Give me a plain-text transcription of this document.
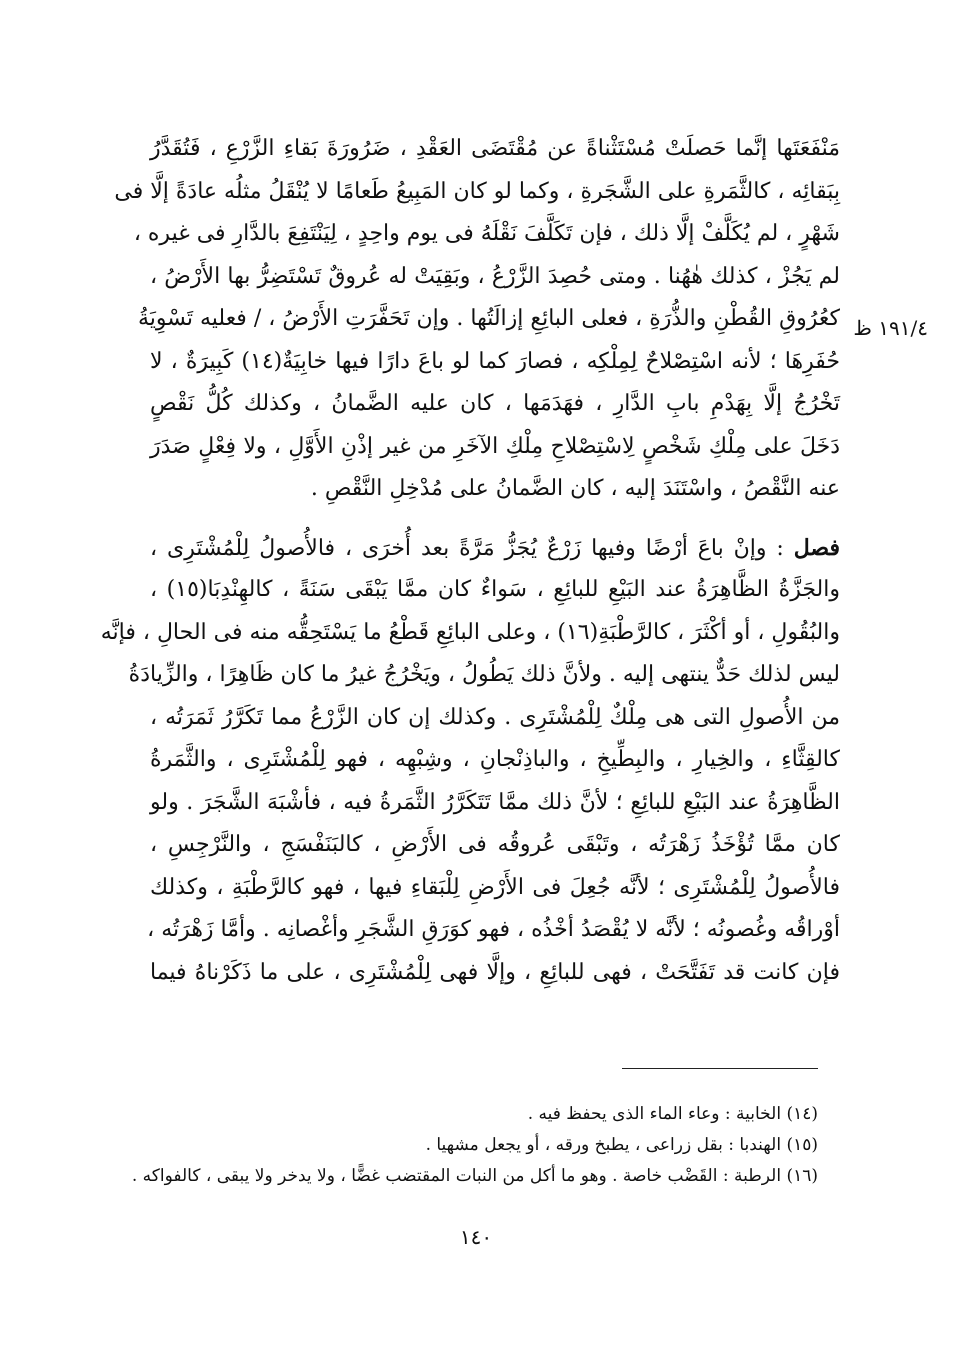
١٩١/٤ ظ
مَنْفَعَتَها إنَّما حَصلَتْ مُسْتَثْناةً عن مُقْتَضَى العَقْدِ ، ضَرُورَةَ بَقاءِ الزَّرْعِ ، فَتُقَدَّرُ
بِبَقائِه ، كالثَّمَرةِ على الشَّجَرةِ ، وكما لو كان المَبِيعُ طَعامًا لا يُنْقَلُ مثلُه عادَةً إلَّا فى
شَهْرٍ ، لم يُكَلَّفْ إلَّا ذلك ، فإن تَكَلَّفَ نَقْلَهُ فى يوم واحِدٍ ، لِيَنْتَفِعَ بالدَّارِ فى غيره ،
لم يَجُزْ ، كذلك هٰهُنا . ومتى حُصِدَ الزَّرْعُ ، وبَقِيَتْ له عُروقٌ تَسْتَضِرُّ بها الأَرْضُ ،
كعُرُوقِ القُطْنِ والذُّرَةِ ، فعلى البائِعِ إزالَتُها . وإن تَحَفَّرَتِ الأَرْضُ ، / فعليه تَسْوِيَةُ
حُفَرِهَا ؛ لأنه اسْتِصْلاحٌ لِمِلْكِه ، فصارَ كما لو باعَ دارًا فيها خابِيَةٌ(١٤) كَبِيرَةٌ ، لا
تَخْرُجُ إلَّا بِهَدْمِ بابِ الدَّارِ ، فهَدَمَها ، كان عليه الضَّمانُ ، وكذلك كُلُّ نَقْصٍ
دَخَلَ على مِلْكِ شَخْصٍ لِاسْتِصْلاحِ مِلْكِ الآخَرِ من غير إذْنِ الأَوَّلِ ، ولا فِعْلٍ صَدَرَ
عنه النَّقْصُ ، واسْتَنَدَ إليه ، كان الضَّمانُ على مُدْخِلِ النَّقْصِ .
فصل : وإنْ باعَ أرْضًا وفيها زَرْعٌ يُجَزُّ مَرَّةً بعد أُخرَى ، فالأُصولُ لِلْمُشْتَرِى ،
والجَزَّةُ الظَّاهِرَةُ عند البَيْعِ للبائِعِ ، سَواءٌ كان ممَّا يَبْقَى سَنَةً ، كالهِنْدِبَا(١٥) ،
والبُقُولِ ، أو أكْثَرَ ، كالرَّطْبَةِ(١٦) ، وعلى البائِعِ قَطْعُ ما يَسْتَحِقُّه منه فى الحالِ ، فإنَّه
ليس لذلك حَدٌّ ينتهى إليه . ولأنَّ ذلك يَطُولُ ، ويَخْرُجُ غيرُ ما كان ظَاهِرًا ، والزِّيادَةُ
من الأُصولِ التى هى مِلْكٌ لِلْمُشْتَرِى . وكذلك إن كان الزَّرْعُ مما تَكَرَّرُ ثَمَرَتُه ،
كالقِثَّاءِ ، والخِيارِ ، والبِطِّيخِ ، والباذِنْجانِ ، وشِبْهِه ، فهو لِلْمُشْتَرِى ، والثَّمَرةُ
الظَّاهِرَةُ عند البَيْعِ للبائِعِ ؛ لأنَّ ذلك ممَّا تَتَكَرَّرُ الثَّمَرةُ فيه ، فأشْبَهَ الشَّجَرَ . ولو
كان ممَّا تُؤْخَذُ زَهْرَتُه ، وتَبْقَى عُروقُه فى الأَرْضِ ، كالبَنَفْسَجِ ، والنَّرْجِسِ ،
فالأُصولُ لِلْمُشْتَرِى ؛ لأنَّه جُعِلَ فى الأَرْضِ لِلْبَقاءِ فيها ، فهو كالرَّطْبَةِ ، وكذلك
أوْراقُه وغُصونُه ؛ لأنَّه لا يُقْصَدُ أخْذُه ، فهو كوَرَقِ الشَّجَرِ وأغْصانِه . وأمَّا زَهْرَتُه ،
فإن كانت قد تَفَتَّحَتْ ، فهى للبائِعِ ، وإلَّا فهى لِلْمُشْتَرِى ، على ما ذَكَرْناهُ فيما
(١٤) الخابية : وعاء الماء الذى يحفظ فيه .
(١٥) الهندبا : بقل زراعى ، يطبخ ورقه ، أو يجعل مشهيا .
(١٦) الرطبة : القَضْب خاصة . وهو ما أكل من النبات المقتضب غضًّا ، ولا يدخر ولا يبقى ، كالفواكه .
١٤٠
